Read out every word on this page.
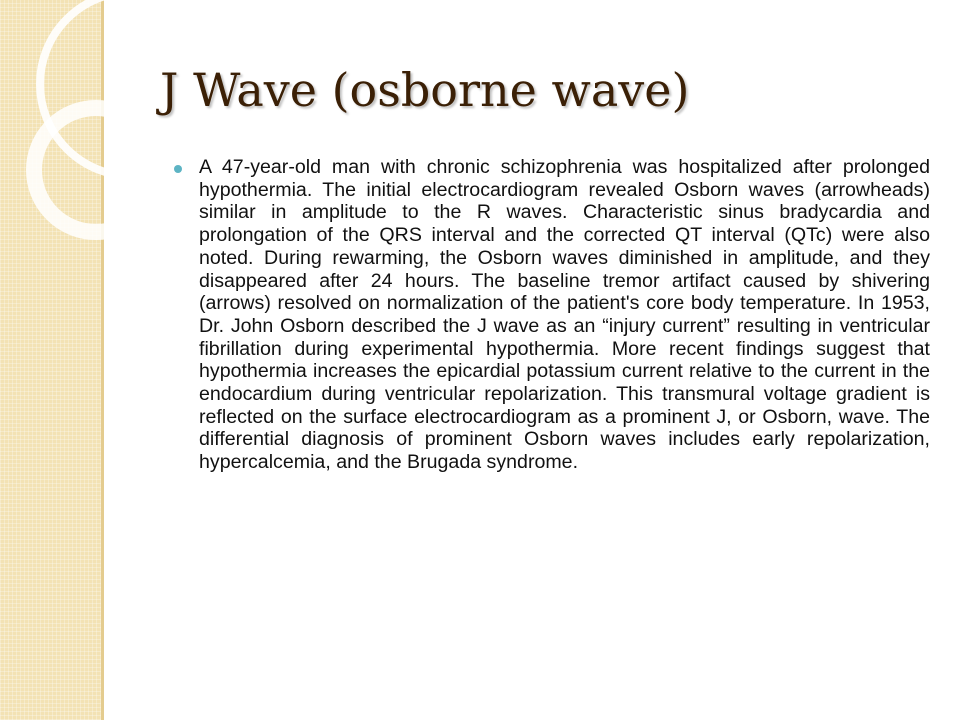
J Wave (osborne wave)

A 47-year-old man with chronic schizophrenia was hospitalized after prolonged hypothermia. The initial electrocardiogram revealed Osborn waves (arrowheads) similar in amplitude to the R waves. Characteristic sinus bradycardia and prolongation of the QRS interval and the corrected QT interval (QTc) were also noted. During rewarming, the Osborn waves diminished in amplitude, and they disappeared after 24 hours. The baseline tremor artifact caused by shivering (arrows) resolved on normalization of the patient's core body temperature. In 1953, Dr. John Osborn described the J wave as an “injury current” resulting in ventricular fibrillation during experimental hypothermia. More recent findings suggest that hypothermia increases the epicardial potassium current relative to the current in the endocardium during ventricular repolarization. This transmural voltage gradient is reflected on the surface electrocardiogram as a prominent J, or Osborn, wave. The differential diagnosis of prominent Osborn waves includes early repolarization, hypercalcemia, and the Brugada syndrome.
